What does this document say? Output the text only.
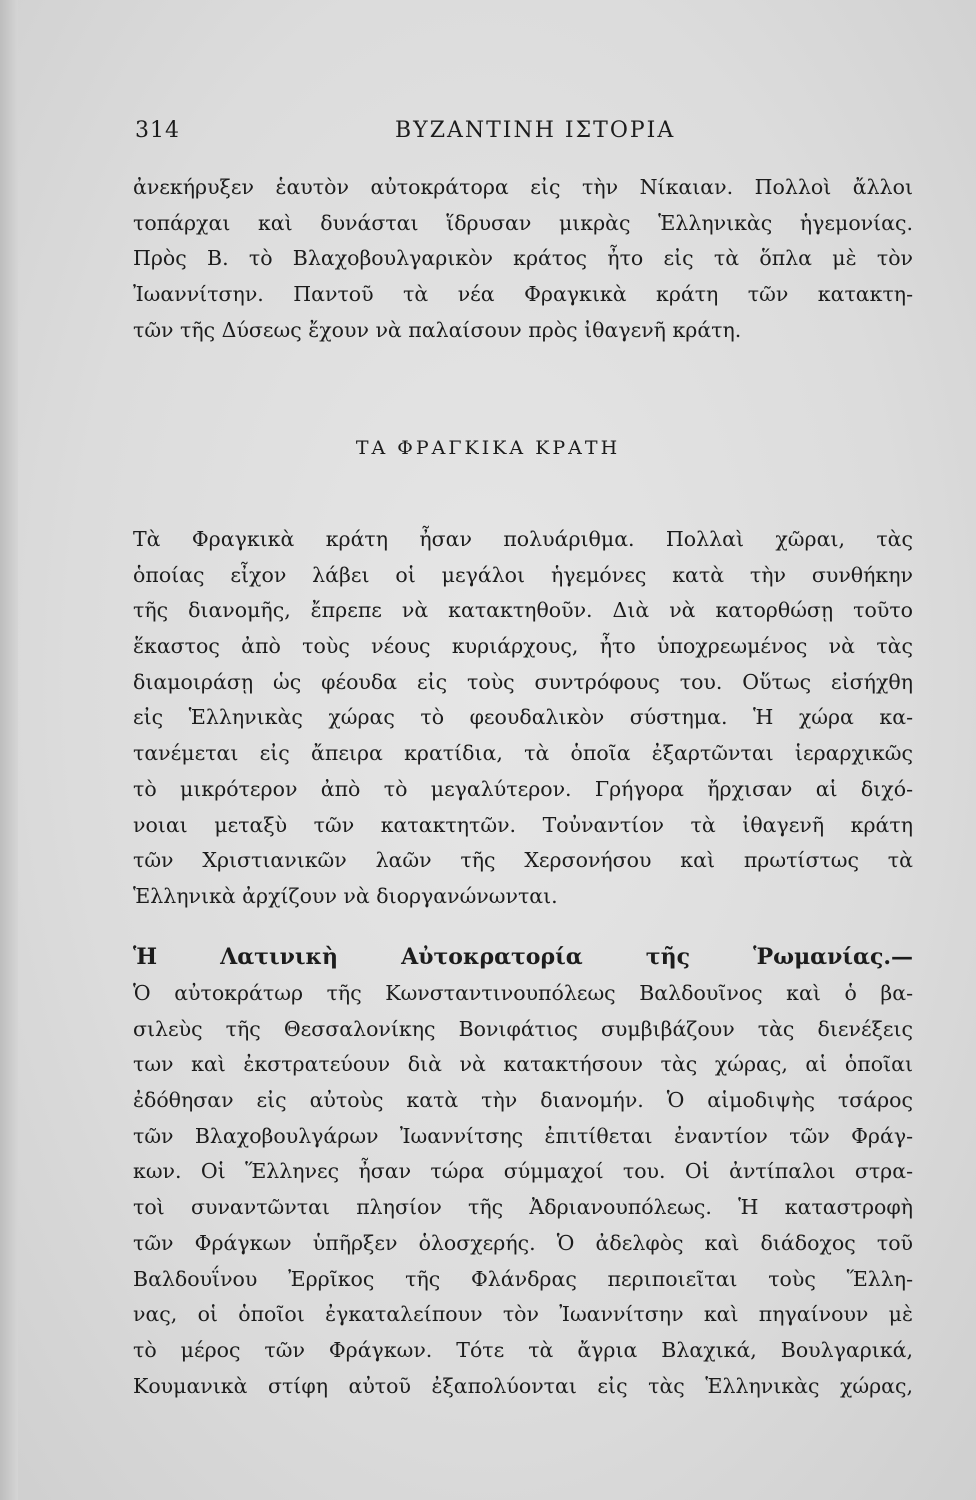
314	ΒΥΖΑΝΤΙΝΗ ΙΣΤΟΡΙΑ
ἀνεκήρυξεν ἑαυτὸν αὐτοκράτορα εἰς τὴν Νίκαιαν. Πολλοὶ ἄλλοι
τοπάρχαι καὶ δυνάσται ἵδρυσαν μικρὰς Ἑλληνικὰς ἡγεμονίας.
Πρὸς Β. τὸ Βλαχοβουλγαρικὸν κράτος ἦτο εἰς τὰ ὅπλα μὲ τὸν
Ἰωαννίτσην. Παντοῦ τὰ νέα Φραγκικὰ κράτη τῶν κατακτη-
τῶν τῆς Δύσεως ἔχουν νὰ παλαίσουν πρὸς ἰθαγενῆ κράτη.
ΤΑ ΦΡΑΓΚΙΚΑ ΚΡΑΤΗ
Τὰ Φραγκικὰ κράτη ἦσαν πολυάριθμα. Πολλαὶ χῶραι, τὰς
ὁποίας εἶχον λάβει οἱ μεγάλοι ἡγεμόνες κατὰ τὴν συνθήκην
τῆς διανομῆς, ἔπρεπε νὰ κατακτηθοῦν. Διὰ νὰ κατορθώσῃ τοῦτο
ἕκαστος ἀπὸ τοὺς νέους κυριάρχους, ἦτο ὑποχρεωμένος νὰ τὰς
διαμοιράσῃ ὡς φέουδα εἰς τοὺς συντρόφους του. Οὕτως εἰσήχθη
εἰς Ἑλληνικὰς χώρας τὸ φεουδαλικὸν σύστημα. Ἡ χώρα κα-
τανέμεται εἰς ἄπειρα κρατίδια, τὰ ὁποῖα ἐξαρτῶνται ἱεραρχικῶς
τὸ μικρότερον ἀπὸ τὸ μεγαλύτερον. Γρήγορα ἤρχισαν αἱ διχό-
νοιαι μεταξὺ τῶν κατακτητῶν. Τοὐναντίον τὰ ἰθαγενῆ κράτη
τῶν Χριστιανικῶν λαῶν τῆς Χερσονήσου καὶ πρωτίστως τὰ
Ἑλληνικὰ ἀρχίζουν νὰ διοργανώνωνται.
Ἡ Λατινικὴ Αὐτοκρατορία τῆς Ῥωμανίας.—
Ὁ αὐτοκράτωρ τῆς Κωνσταντινουπόλεως Βαλδουῖνος καὶ ὁ βα-
σιλεὺς τῆς Θεσσαλονίκης Βονιφάτιος συμβιβάζουν τὰς διενέξεις
των καὶ ἐκστρατεύουν διὰ νὰ κατακτήσουν τὰς χώρας, αἱ ὁποῖαι
ἐδόθησαν εἰς αὐτοὺς κατὰ τὴν διανομήν. Ὁ αἱμοδιψὴς τσάρος
τῶν Βλαχοβουλγάρων Ἰωαννίτσης ἐπιτίθεται ἐναντίον τῶν Φράγ-
κων. Οἱ Ἕλληνες ἦσαν τώρα σύμμαχοί του. Οἱ ἀντίπαλοι στρα-
τοὶ συναντῶνται πλησίον τῆς Ἀδριανουπόλεως. Ἡ καταστροφὴ
τῶν Φράγκων ὑπῆρξεν ὁλοσχερής. Ὁ ἀδελφὸς καὶ διάδοχος τοῦ
Βαλδουΐνου Ἐρρῖκος τῆς Φλάνδρας περιποιεῖται τοὺς Ἕλλη-
νας, οἱ ὁποῖοι ἐγκαταλείπουν τὸν Ἰωαννίτσην καὶ πηγαίνουν μὲ
τὸ μέρος τῶν Φράγκων. Τότε τὰ ἄγρια Βλαχικά, Βουλγαρικά,
Κουμανικὰ στίφη αὐτοῦ ἐξαπολύονται εἰς τὰς Ἑλληνικὰς χώρας,
